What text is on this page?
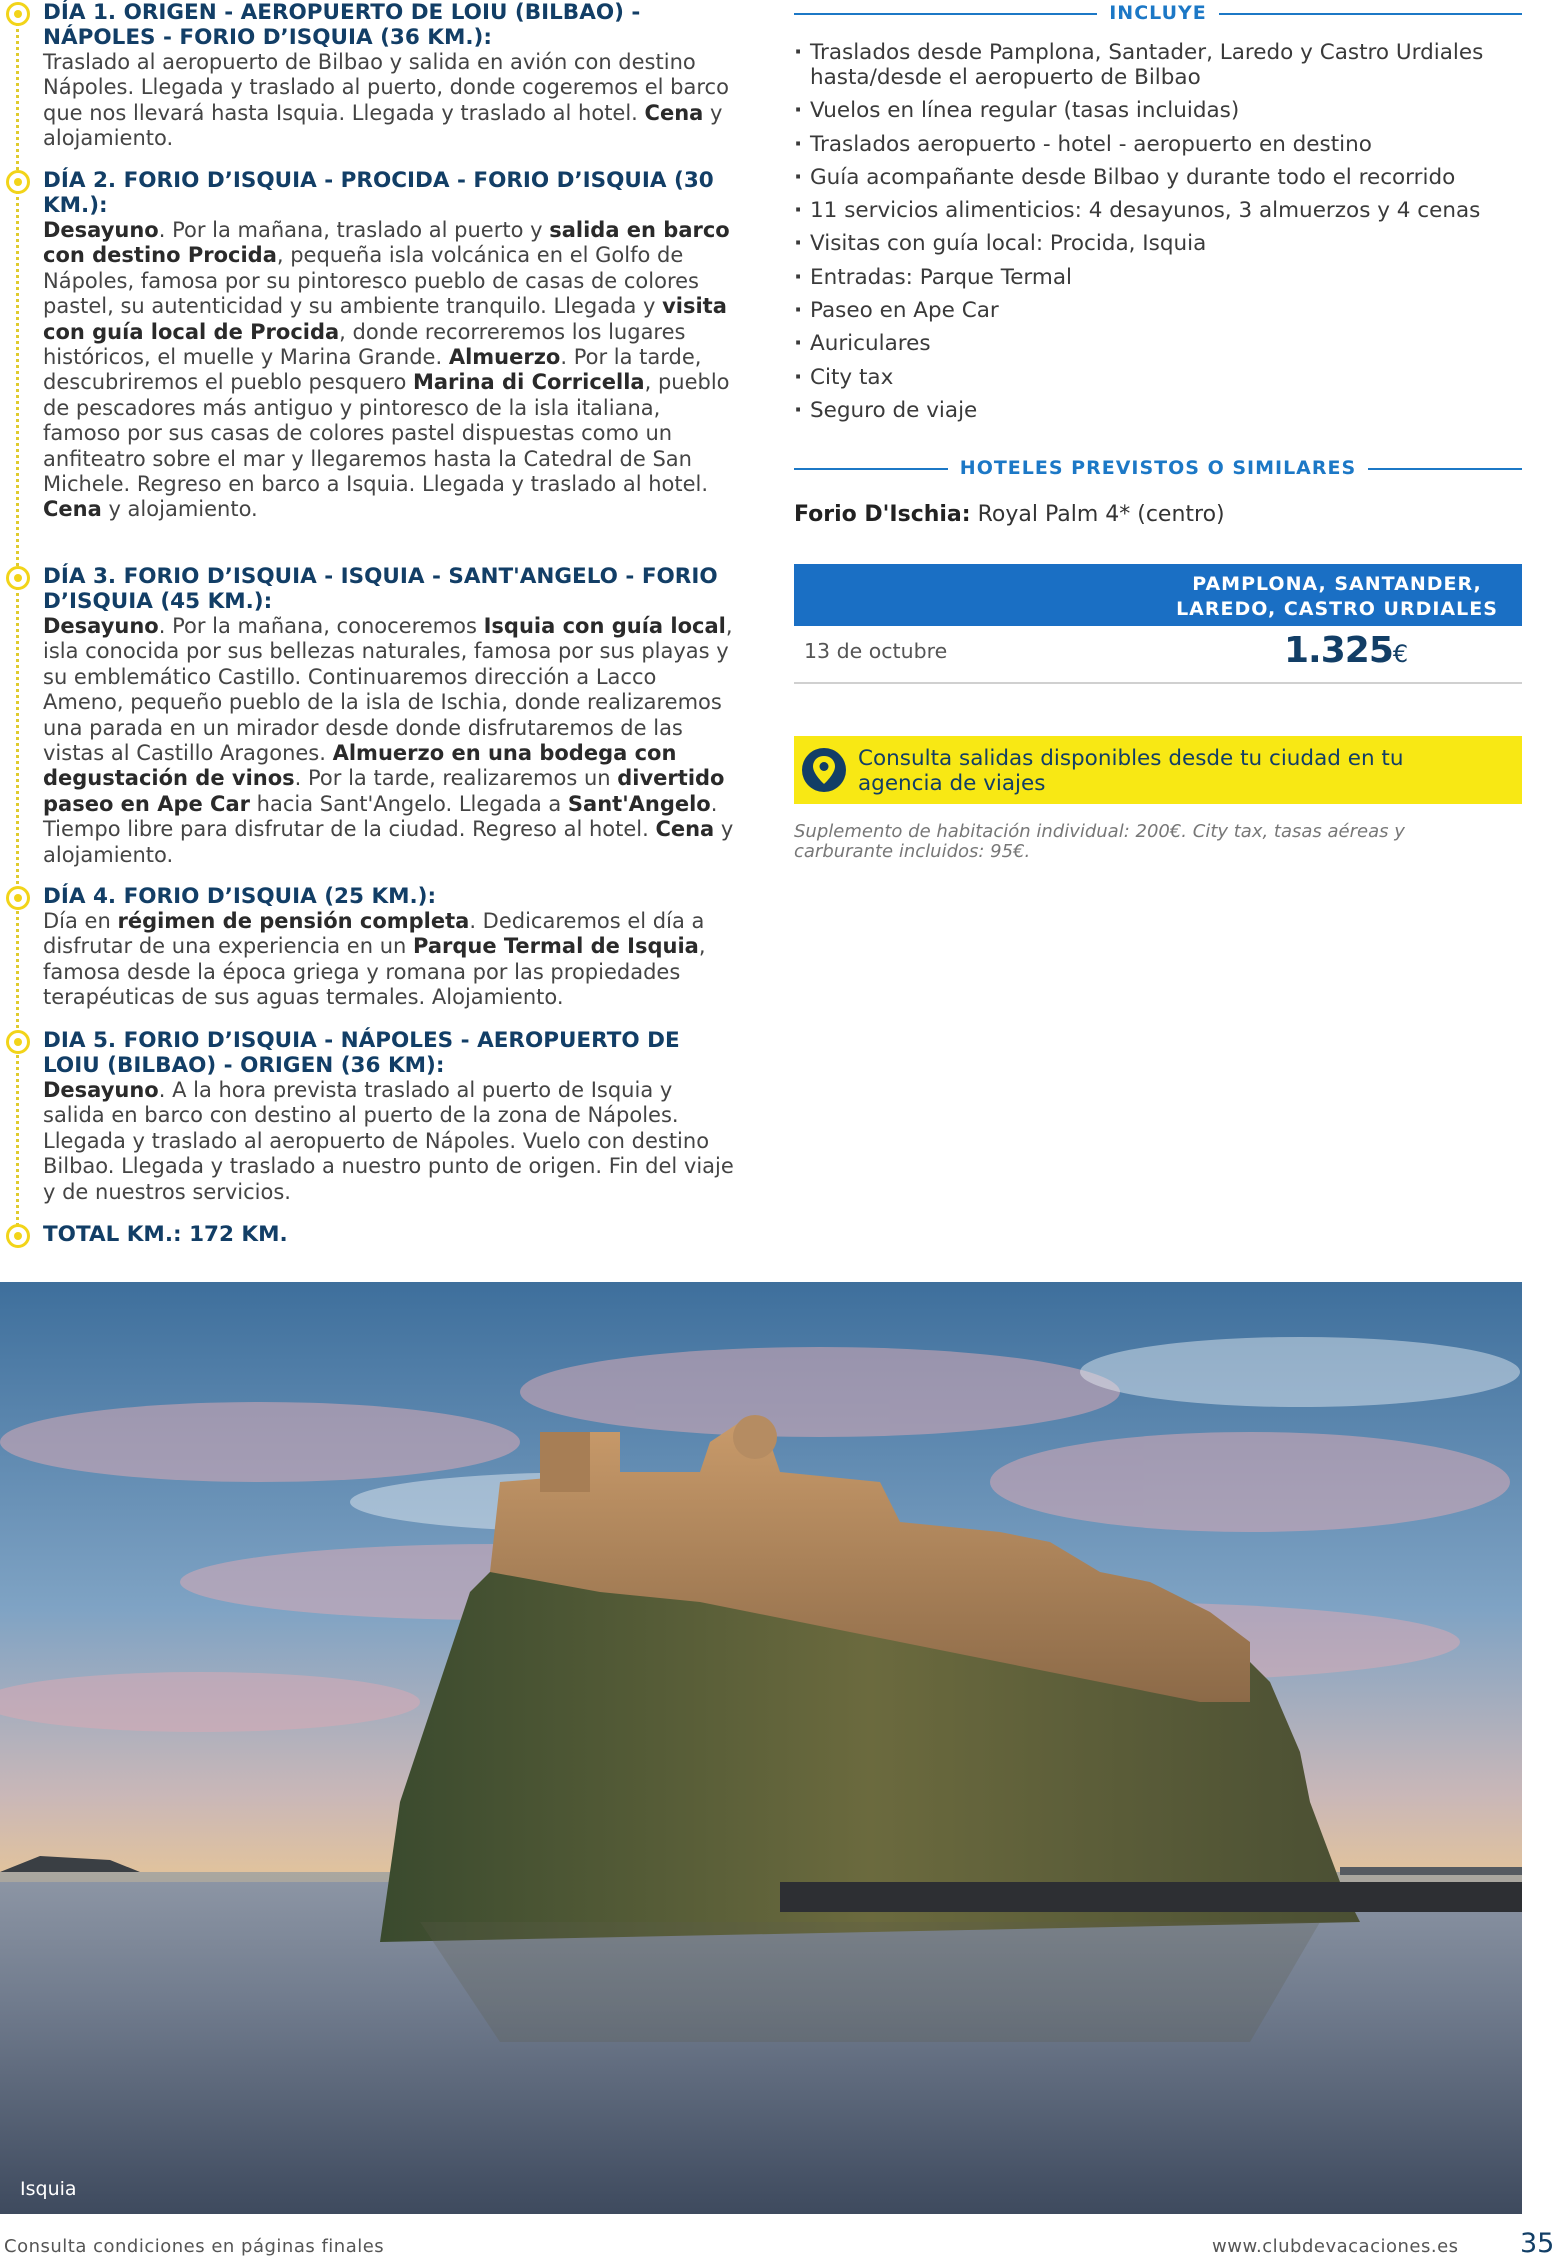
DÍA 1. ORIGEN - AEROPUERTO DE LOIU (BILBAO) - NÁPOLES - FORIO D’ISQUIA (36 KM.):
Traslado al aeropuerto de Bilbao y salida en avión con destino Nápoles. Llegada y traslado al puerto, donde cogeremos el barco que nos llevará hasta Isquia. Llegada y traslado al hotel. Cena y alojamiento.
DÍA 2. FORIO D’ISQUIA - PROCIDA - FORIO D’ISQUIA (30 KM.):
Desayuno. Por la mañana, traslado al puerto y salida en barco con destino Procida, pequeña isla volcánica en el Golfo de Nápoles, famosa por su pintoresco pueblo de casas de colores pastel, su autenticidad y su ambiente tranquilo. Llegada y visita con guía local de Procida, donde recorreremos los lugares históricos, el muelle y Marina Grande. Almuerzo. Por la tarde, descubriremos el pueblo pesquero Marina di Corricella, pueblo de pescadores más antiguo y pintoresco de la isla italiana, famoso por sus casas de colores pastel dispuestas como un anfiteatro sobre el mar y llegaremos hasta la Catedral de San Michele. Regreso en barco a Isquia. Llegada y traslado al hotel. Cena y alojamiento.
DÍA 3. FORIO D’ISQUIA - ISQUIA - SANT'ANGELO - FORIO D’ISQUIA (45 KM.):
Desayuno. Por la mañana, conoceremos Isquia con guía local, isla conocida por sus bellezas naturales, famosa por sus playas y su emblemático Castillo. Continuaremos dirección a Lacco Ameno, pequeño pueblo de la isla de Ischia, donde realizaremos una parada en un mirador desde donde disfrutaremos de las vistas al Castillo Aragones. Almuerzo en una bodega con degustación de vinos. Por la tarde, realizaremos un divertido paseo en Ape Car hacia Sant'Angelo. Llegada a Sant'Angelo. Tiempo libre para disfrutar de la ciudad. Regreso al hotel. Cena y alojamiento.
DÍA 4. FORIO D’ISQUIA (25 KM.):
Día en régimen de pensión completa. Dedicaremos el día a disfrutar de una experiencia en un Parque Termal de Isquia, famosa desde la época griega y romana por las propiedades terapéuticas de sus aguas termales. Alojamiento.
DIA 5. FORIO D’ISQUIA - NÁPOLES - AEROPUERTO DE LOIU (BILBAO) - ORIGEN (36 KM):
Desayuno. A la hora prevista traslado al puerto de Isquia y salida en barco con destino al puerto de la zona de Nápoles. Llegada y traslado al aeropuerto de Nápoles. Vuelo con destino Bilbao. Llegada y traslado a nuestro punto de origen. Fin del viaje y de nuestros servicios.
TOTAL KM.: 172 KM.
INCLUYE
· Traslados desde Pamplona, Santader, Laredo y Castro Urdiales hasta/desde el aeropuerto de Bilbao
· Vuelos en línea regular (tasas incluidas)
· Traslados aeropuerto - hotel - aeropuerto en destino
· Guía acompañante desde Bilbao y durante todo el recorrido
· 11 servicios alimenticios: 4 desayunos, 3 almuerzos y 4 cenas
· Visitas con guía local: Procida, Isquia
· Entradas: Parque Termal
· Paseo en Ape Car
· Auriculares
· City tax
· Seguro de viaje
HOTELES PREVISTOS O SIMILARES
Forio D'Ischia: Royal Palm 4* (centro)
PAMPLONA, SANTANDER,
LAREDO, CASTRO URDIALES
13 de octubre	1.325€
Consulta salidas disponibles desde tu ciudad en tu agencia de viajes
Suplemento de habitación individual: 200€. City tax, tasas aéreas y carburante incluidos: 95€.
Isquia
Consulta condiciones en páginas finales	www.clubdevacaciones.es 35
